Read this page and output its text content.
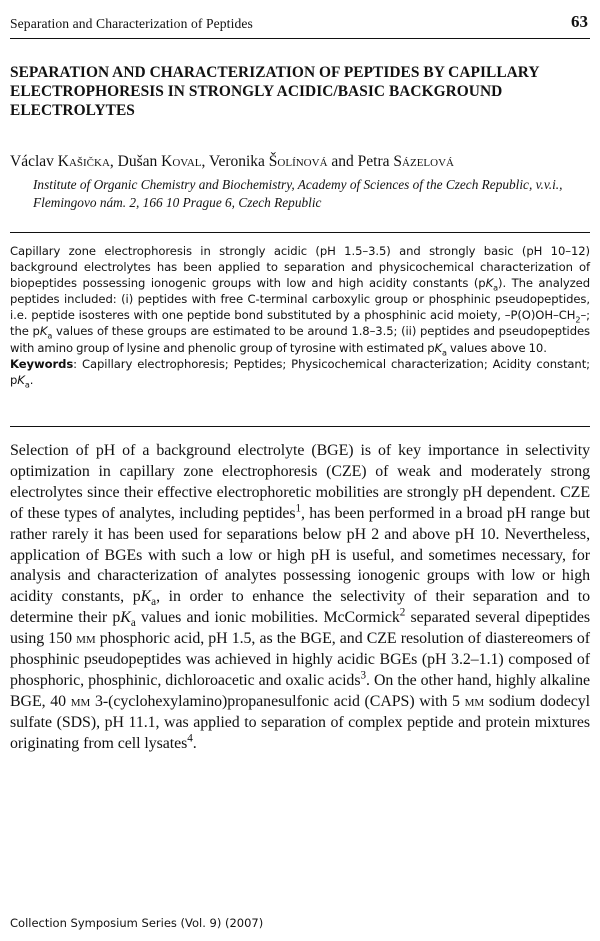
Separation and Characterization of Peptides	63
SEPARATION AND CHARACTERIZATION OF PEPTIDES BY CAPILLARY ELECTROPHORESIS IN STRONGLY ACIDIC/BASIC BACKGROUND ELECTROLYTES

Václav Kašička, Dušan Koval, Veronika Šolínová and Petra Sázelová

Institute of Organic Chemistry and Biochemistry, Academy of Sciences of the Czech Republic, v.v.i., Flemingovo nám. 2, 166 10 Prague 6, Czech Republic

Capillary zone electrophoresis in strongly acidic (pH 1.5–3.5) and strongly basic (pH 10–12) background electrolytes has been applied to separation and physicochemical characterization of biopeptides possessing ionogenic groups with low and high acidity constants $(pK_a)$. The analyzed peptides included: (i) peptides with free C-terminal carboxylic group or phosphinic pseudopeptides, i.e. peptide isosteres with one peptide bond substituted by a phosphinic acid moiety, $-P(O)OH-CH_2-$; the $pK_a$ values of these groups are estimated to be around 1.8–3.5; (ii) peptides and pseudopeptides with amino group of lysine and phenolic group of tyrosine with estimated $pK_a$ values above 10.
Keywords: Capillary electrophoresis; Peptides; Physicochemical characterization; Acidity constant; $pK_a$.

Selection of pH of a background electrolyte (BGE) is of key importance in selectivity optimization in capillary zone electrophoresis (CZE) of weak and moderately strong electrolytes since their effective electrophoretic mobilities are strongly pH dependent. CZE of these types of analytes, including peptides$^1$, has been performed in a broad pH range but rather rarely it has been used for separations below pH 2 and above pH 10. Nevertheless, application of BGEs with such a low or high pH is useful, and sometimes necessary, for analysis and characterization of analytes possessing ionogenic groups with low or high acidity constants, $pK_a$, in order to enhance the selectivity of their separation and to determine their $pK_a$ values and ionic mobilities. McCormick$^2$ separated several dipeptides using 150 mm phosphoric acid, pH 1.5, as the BGE, and CZE resolution of diastereomers of phosphinic pseudopeptides was achieved in highly acidic BGEs (pH 3.2–1.1) composed of phosphoric, phosphinic, dichloroacetic and oxalic acids$^3$. On the other hand, highly alkaline BGE, 40 mm 3-(cyclohexylamino)propanesulfonic acid (CAPS) with 5 mm sodium dodecyl sulfate (SDS), pH 11.1, was applied to separation of complex peptide and protein mixtures originating from cell lysates$^4$.

Collection Symposium Series (Vol. 9) (2007)
